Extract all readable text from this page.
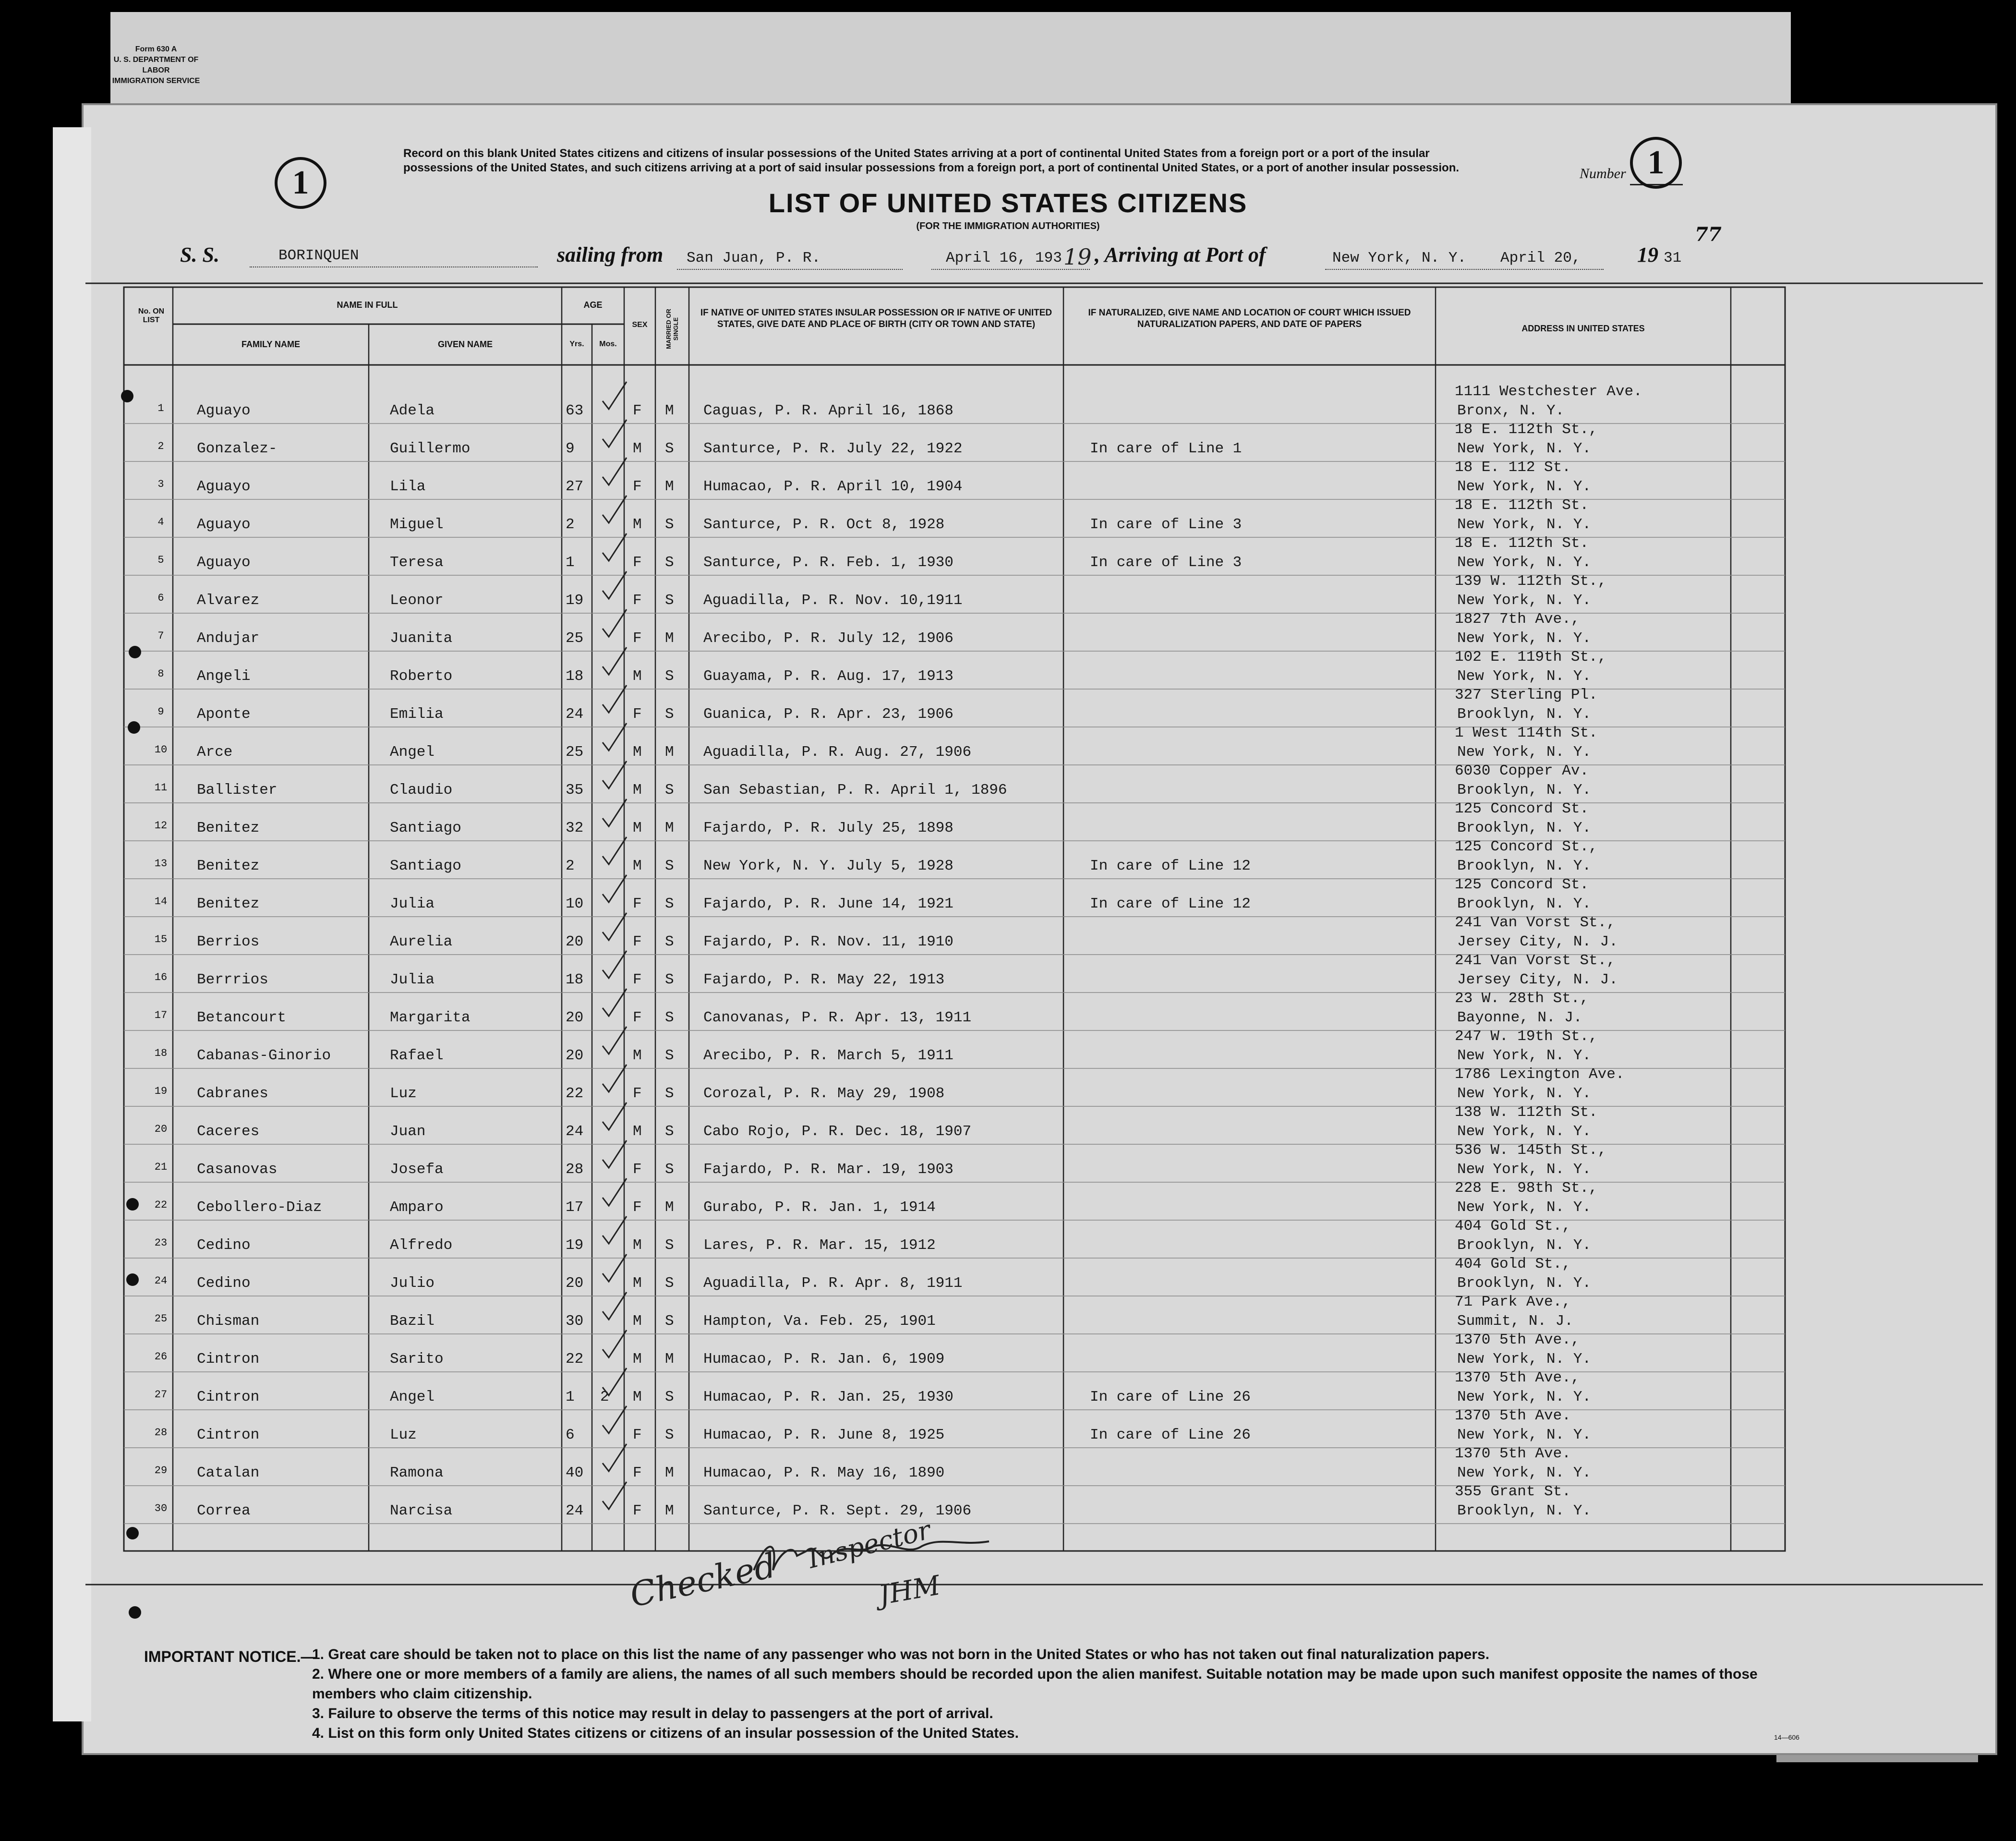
Form 630 A
U. S. DEPARTMENT OF LABOR
IMMIGRATION SERVICE
1
Record on this blank United States citizens and citizens of insular possessions of the United States arriving at a port of continental United States from a foreign port or a port of the insular possessions of the United States, and such citizens arriving at a port of said insular possessions from a foreign port, a port of continental United States, or a port of another insular possession.	Number 1
LIST OF UNITED STATES CITIZENS
(FOR THE IMMIGRATION AUTHORITIES)
S. S.	BORINQUEN	sailing from San Juan, P. R.	April 16, 193 19 , Arriving at Port of	New York, N. Y. April 20,	19 31
77
No. ON LIST
NAME IN FULL
FAMILY NAME	GIVEN NAME
AGE
Yrs.	Mos.
SEX	MARRIED OR SINGLE
IF NATIVE OF UNITED STATES INSULAR POSSESSION OR IF NATIVE OF UNITED STATES, GIVE DATE AND PLACE OF BIRTH (CITY OR TOWN AND STATE)
IF NATURALIZED, GIVE NAME AND LOCATION OF COURT WHICH ISSUED NATURALIZATION PAPERS, AND DATE OF PAPERS	ADDRESS IN UNITED STATES
1	Aguayo	Adela	63	F M Caguas, P. R. April 16, 1868
1111 Westchester Ave.
Bronx, N. Y.
2	Gonzalez-	Guillermo	9	M S Santurce, P. R. July 22, 1922	In care of Line 1
18 E. 112th St.,
New York, N. Y.
3	Aguayo	Lila	27	F M Humacao, P. R. April 10, 1904
18 E. 112 St.
New York, N. Y.
4	Aguayo	Miguel	2	M S Santurce, P. R. Oct 8, 1928	In care of Line 3
18 E. 112th St.
New York, N. Y.
5	Aguayo	Teresa	1	F S Santurce, P. R. Feb. 1, 1930	In care of Line 3
18 E. 112th St.
New York, N. Y.
6	Alvarez	Leonor	19	F S Aguadilla, P. R. Nov. 10,1911
139 W. 112th St.,
New York, N. Y.
7	Andujar	Juanita	25	F M Arecibo, P. R. July 12, 1906
1827 7th Ave.,
New York, N. Y.
8	Angeli	Roberto	18	M S Guayama, P. R. Aug. 17, 1913
102 E. 119th St.,
New York, N. Y.
9	Aponte	Emilia	24	F S Guanica, P. R. Apr. 23, 1906
327 Sterling Pl.
Brooklyn, N. Y.
10	Arce	Angel	25	M M Aguadilla, P. R. Aug. 27, 1906
1 West 114th St.
New York, N. Y.
11	Ballister	Claudio	35	M S San Sebastian, P. R. April 1, 1896
6030 Copper Av.
Brooklyn, N. Y.
12	Benitez	Santiago	32	M M Fajardo, P. R. July 25, 1898
125 Concord St.
Brooklyn, N. Y.
13	Benitez	Santiago	2	M S New York, N. Y. July 5, 1928	In care of Line 12
125 Concord St.,
Brooklyn, N. Y.
14	Benitez	Julia	10	F S Fajardo, P. R. June 14, 1921	In care of Line 12
125 Concord St.
Brooklyn, N. Y.
15	Berrios	Aurelia	20	F S Fajardo, P. R. Nov. 11, 1910
241 Van Vorst St.,
Jersey City, N. J.
16	Berrrios	Julia	18	F S Fajardo, P. R. May 22, 1913
241 Van Vorst St.,
Jersey City, N. J.
17	Betancourt	Margarita	20	F S Canovanas, P. R. Apr. 13, 1911
23 W. 28th St.,
Bayonne, N. J.
18	Cabanas-Ginorio	Rafael	20	M S Arecibo, P. R. March 5, 1911
247 W. 19th St.,
New York, N. Y.
19	Cabranes	Luz	22	F S Corozal, P. R. May 29, 1908
1786 Lexington Ave.
New York, N. Y.
20	Caceres	Juan	24	M S Cabo Rojo, P. R. Dec. 18, 1907
138 W. 112th St.
New York, N. Y.
21	Casanovas	Josefa	28	F S Fajardo, P. R. Mar. 19, 1903
536 W. 145th St.,
New York, N. Y.
22	Cebollero-Diaz	Amparo	17	F M Gurabo, P. R. Jan. 1, 1914
228 E. 98th St.,
New York, N. Y.
23	Cedino	Alfredo	19	M S Lares, P. R. Mar. 15, 1912
404 Gold St.,
Brooklyn, N. Y.
24	Cedino	Julio	20	M S Aguadilla, P. R. Apr. 8, 1911
404 Gold St.,
Brooklyn, N. Y.
25	Chisman	Bazil	30	M S Hampton, Va. Feb. 25, 1901
71 Park Ave.,
Summit, N. J.
26	Cintron	Sarito	22	M M Humacao, P. R. Jan. 6, 1909
1370 5th Ave.,
New York, N. Y.
27	Cintron	Angel	1 2 M S Humacao, P. R. Jan. 25, 1930	In care of Line 26
1370 5th Ave.,
New York, N. Y.
28	Cintron	Luz	6	F S Humacao, P. R. June 8, 1925	In care of Line 26
1370 5th Ave.
New York, N. Y.
29	Catalan	Ramona	40	F M Humacao, P. R. May 16, 1890
1370 5th Ave.
New York, N. Y.
30	Correa	Narcisa	24	F M Santurce, P. R. Sept. 29, 1906
355 Grant St.
Brooklyn, N. Y.
Checked
Inspector
JHM
IMPORTANT NOTICE.—
1. Great care should be taken not to place on this list the name of any passenger who was not born in the United States or who has not taken out final naturalization papers.
2. Where one or more members of a family are aliens, the names of all such members should be recorded upon the alien manifest. Suitable notation may be made upon such manifest opposite the names of those members who claim citizenship.
3. Failure to observe the terms of this notice may result in delay to passengers at the port of arrival.
4. List on this form only United States citizens or citizens of an insular possession of the United States.	14—606
